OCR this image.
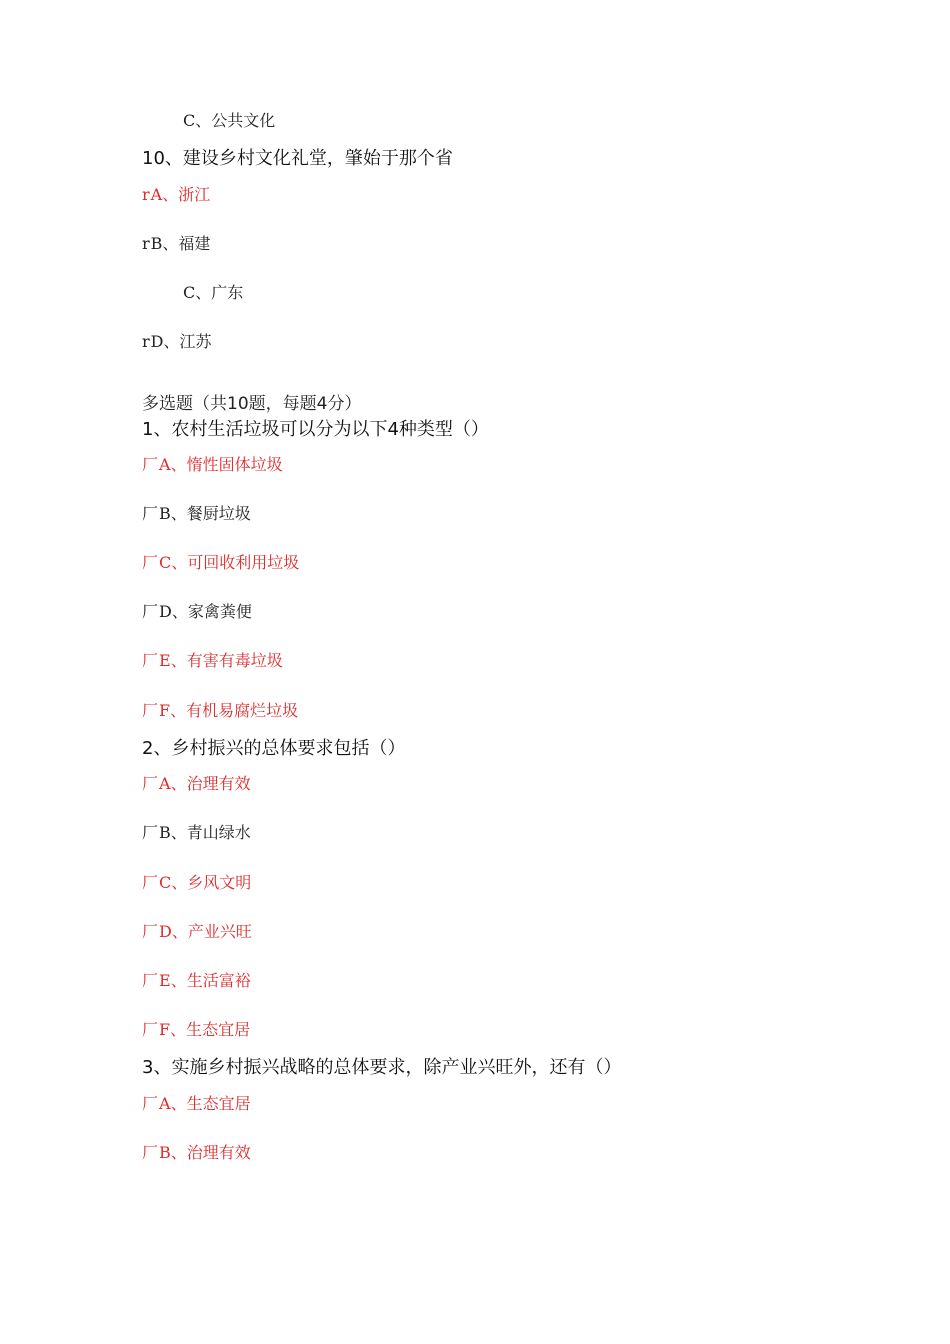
C、公共文化
10、建设乡村文化礼堂，肇始于那个省
rA、浙江
rB、福建
C、广东
rD、江苏
多选题（共10题，每题4分）
1、农村生活垃圾可以分为以下4种类型（）
厂A、惰性固体垃圾
厂B、餐厨垃圾
厂C、可回收利用垃圾
厂D、家禽粪便
厂E、有害有毒垃圾
厂F、有机易腐烂垃圾
2、乡村振兴的总体要求包括（）
厂A、治理有效
厂B、青山绿水
厂C、乡风文明
厂D、产业兴旺
厂E、生活富裕
厂F、生态宜居
3、实施乡村振兴战略的总体要求，除产业兴旺外，还有（）
厂A、生态宜居
厂B、治理有效
